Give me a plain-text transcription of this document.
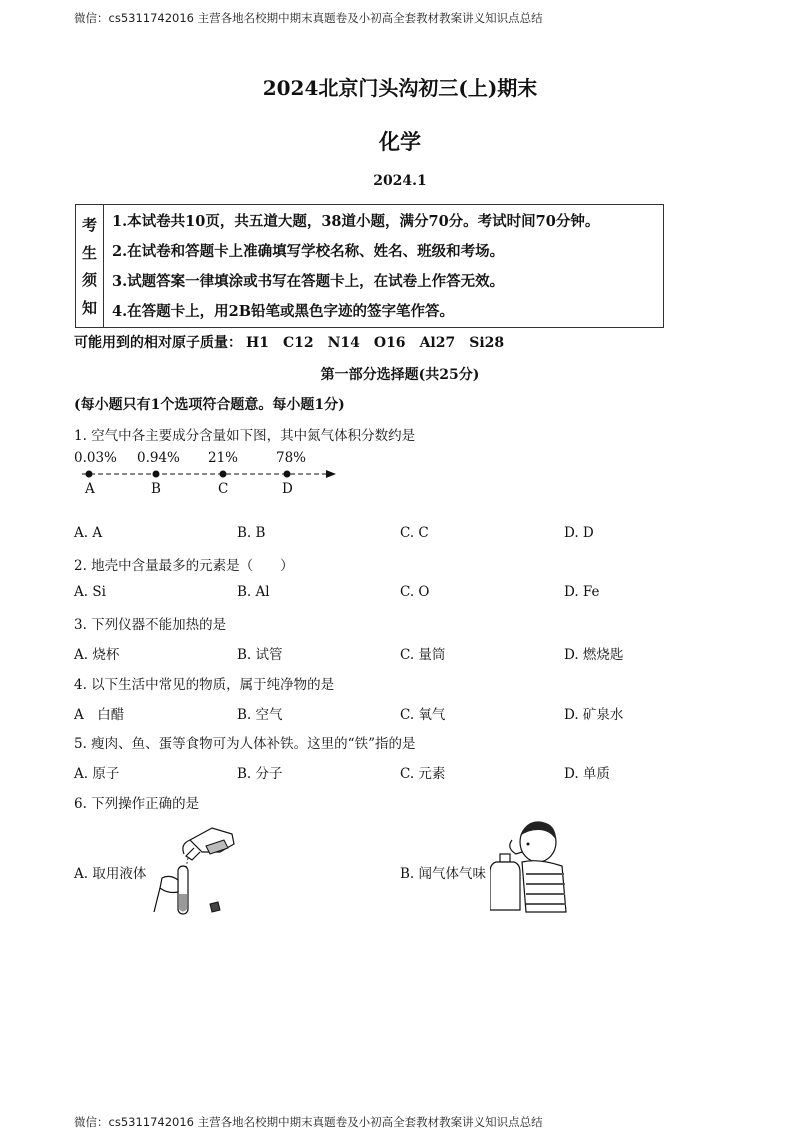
微信：cs5311742016 主营各地名校期中期末真题卷及小初高全套教材教案讲义知识点总结
2024北京门头沟初三(上)期末
化学
2024.1
考
生
须
知
1.本试卷共10页，共五道大题，38道小题，满分70分。考试时间70分钟。
2.在试卷和答题卡上准确填写学校名称、姓名、班级和考场。
3.试题答案一律填涂或书写在答题卡上，在试卷上作答无效。
4.在答题卡上，用2B铅笔或黑色字迹的签字笔作答。
可能用到的相对原子质量： H1 C12 N14 O16 Al27 Si28
第一部分选择题(共25分)
(每小题只有1个选项符合题意。每小题1分)
1. 空气中各主要成分含量如下图，其中氮气体积分数约是
0.03% 0.94% 21%	78%
A	B	C	D
A. A	B. B	C. C	D. D
2. 地壳中含量最多的元素是（　　）
A. Si	B. Al	C. O	D. Fe
3. 下列仪器不能加热的是
A. 烧杯	B. 试管	C. 量筒	D. 燃烧匙
4. 以下生活中常见的物质，属于纯净物的是
A　白醋	B. 空气	C. 氧气	D. 矿泉水
5. 瘦肉、鱼、蛋等食物可为人体补铁。这里的“铁”指的是
A. 原子	B. 分子	C. 元素	D. 单质
6. 下列操作正确的是
A. 取用液体	B. 闻气体气味
微信：cs5311742016 主营各地名校期中期末真题卷及小初高全套教材教案讲义知识点总结
